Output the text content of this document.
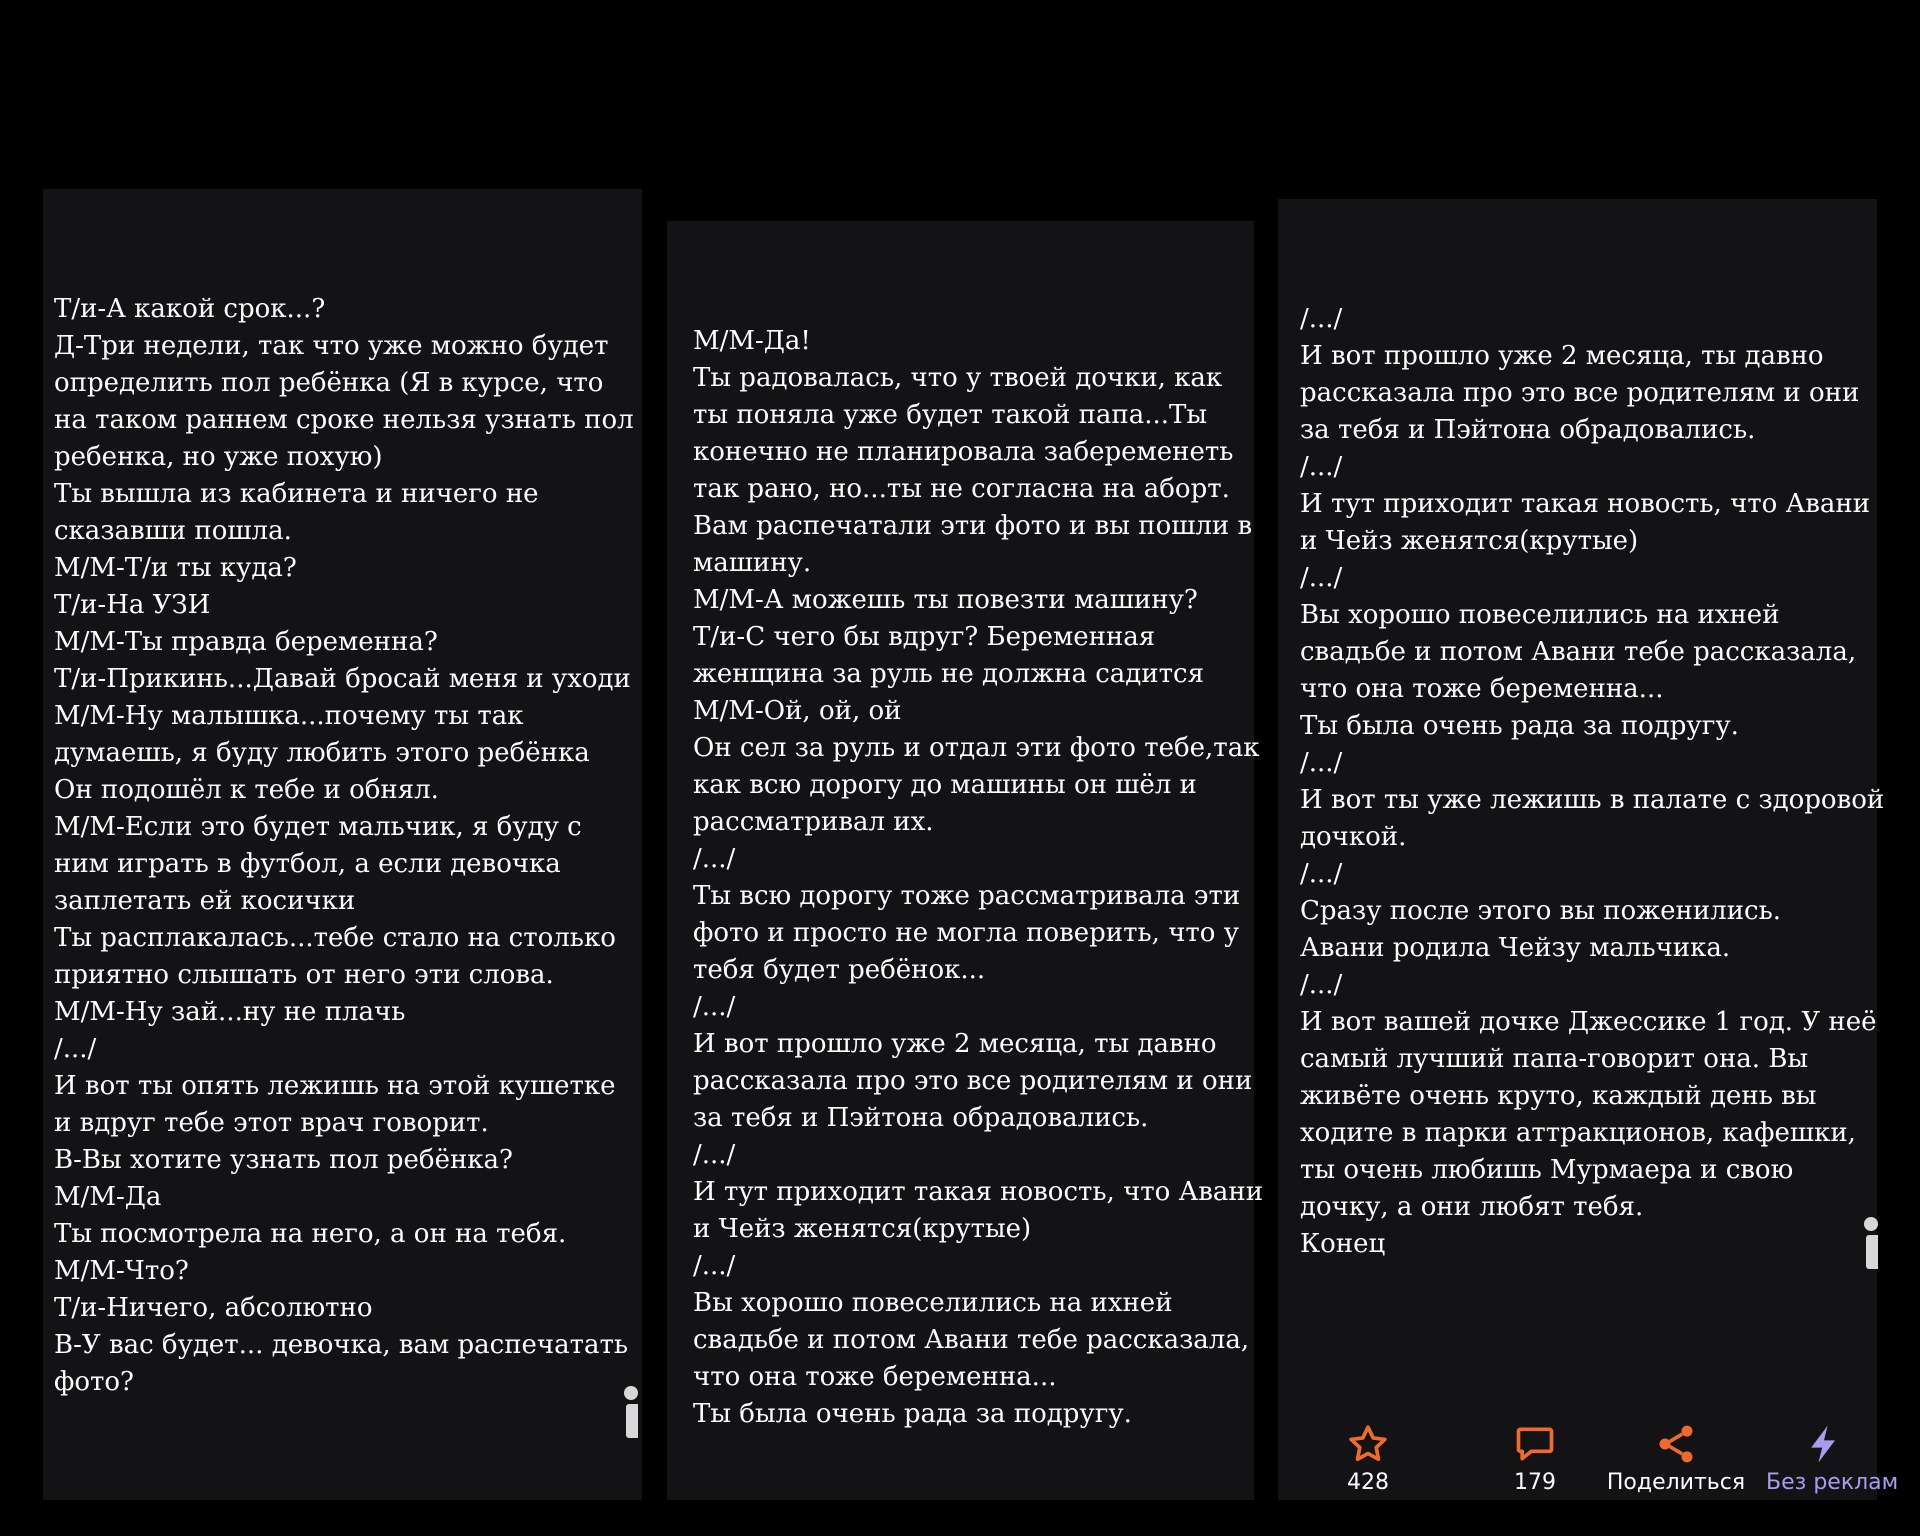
Т/и-А какой срок...?
Д-Три недели, так что уже можно будет
определить пол ребёнка (Я в курсе, что
на таком раннем сроке нельзя узнать пол
ребенка, но уже похую)
Ты вышла из кабинета и ничего не
сказавши пошла.
М/М-Т/и ты куда?
Т/и-На УЗИ
М/М-Ты правда беременна?
Т/и-Прикинь...Давай бросай меня и уходи
М/М-Ну малышка...почему ты так
думаешь, я буду любить этого ребёнка
Он подошёл к тебе и обнял.
М/М-Если это будет мальчик, я буду с
ним играть в футбол, а если девочка
заплетать ей косички
Ты расплакалась...тебе стало на столько
приятно слышать от него эти слова.
М/М-Ну зай...ну не плачь
/.../
И вот ты опять лежишь на этой кушетке
и вдруг тебе этот врач говорит.
В-Вы хотите узнать пол ребёнка?
М/М-Да
Ты посмотрела на него, а он на тебя.
М/М-Что?
Т/и-Ничего, абсолютно
В-У вас будет... девочка, вам распечатать
фото?
М/М-Да!
Ты радовалась, что у твоей дочки, как
ты поняла уже будет такой папа...Ты
конечно не планировала забеременеть
так рано, но...ты не согласна на аборт.
Вам распечатали эти фото и вы пошли в
машину.
М/М-А можешь ты повезти машину?
Т/и-С чего бы вдруг? Беременная
женщина за руль не должна садится
М/М-Ой, ой, ой
Он сел за руль и отдал эти фото тебе,так
как всю дорогу до машины он шёл и
рассматривал их.
/.../
Ты всю дорогу тоже рассматривала эти
фото и просто не могла поверить, что у
тебя будет ребёнок...
/.../
И вот прошло уже 2 месяца, ты давно
рассказала про это все родителям и они
за тебя и Пэйтона обрадовались.
/.../
И тут приходит такая новость, что Авани
и Чейз женятся(крутые)
/.../
Вы хорошо повеселились на ихней
свадьбе и потом Авани тебе рассказала,
что она тоже беременна...
Ты была очень рада за подругу.
/.../
И вот прошло уже 2 месяца, ты давно
рассказала про это все родителям и они
за тебя и Пэйтона обрадовались.
/.../
И тут приходит такая новость, что Авани
и Чейз женятся(крутые)
/.../
Вы хорошо повеселились на ихней
свадьбе и потом Авани тебе рассказала,
что она тоже беременна...
Ты была очень рада за подругу.
/.../
И вот ты уже лежишь в палате с здоровой
дочкой.
/.../
Сразу после этого вы поженились.
Авани родила Чейзу мальчика.
/.../
И вот вашей дочке Джессике 1 год. У неё
самый лучший папа-говорит она. Вы
живёте очень круто, каждый день вы
ходите в парки аттракционов, кафешки,
ты очень любишь Мурмаера и свою
дочку, а они любят тебя.
Конец
428	179	Поделиться Без реклам
